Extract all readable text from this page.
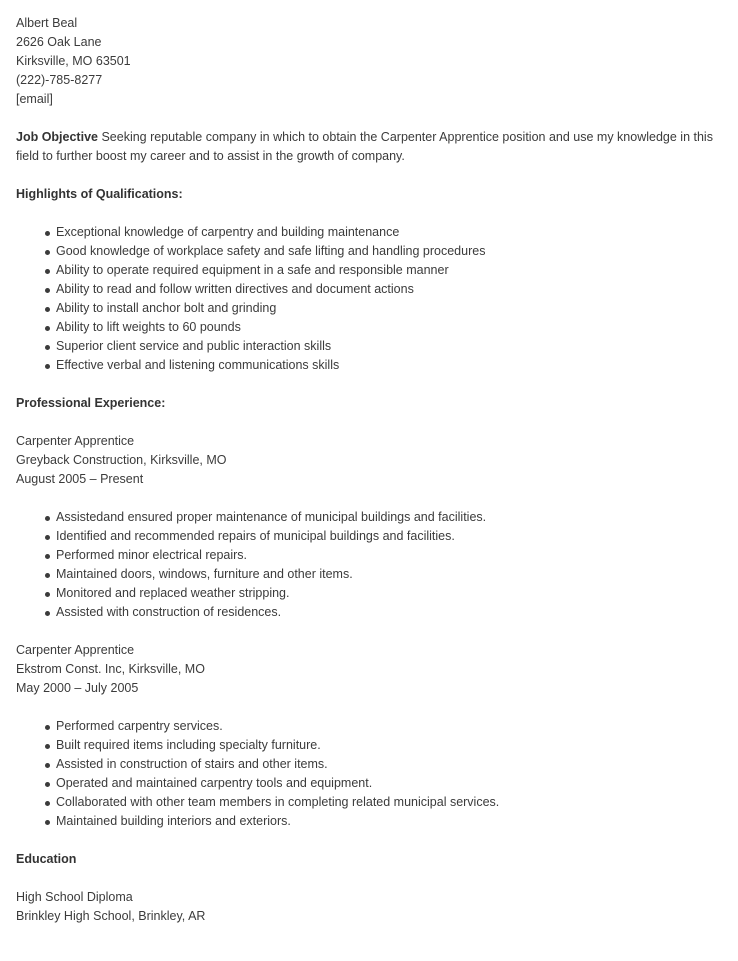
Albert Beal
2626 Oak Lane
Kirksville, MO 63501
(222)-785-8277
[email]
Job Objective Seeking reputable company in which to obtain the Carpenter Apprentice position and use my knowledge in this field to further boost my career and to assist in the growth of company.
Highlights of Qualifications:
Exceptional knowledge of carpentry and building maintenance
Good knowledge of workplace safety and safe lifting and handling procedures
Ability to operate required equipment in a safe and responsible manner
Ability to read and follow written directives and document actions
Ability to install anchor bolt and grinding
Ability to lift weights to 60 pounds
Superior client service and public interaction skills
Effective verbal and listening communications skills
Professional Experience:
Carpenter Apprentice
Greyback Construction, Kirksville, MO
August 2005 – Present
Assistedand ensured proper maintenance of municipal buildings and facilities.
Identified and recommended repairs of municipal buildings and facilities.
Performed minor electrical repairs.
Maintained doors, windows, furniture and other items.
Monitored and replaced weather stripping.
Assisted with construction of residences.
Carpenter Apprentice
Ekstrom Const. Inc, Kirksville, MO
May 2000 – July 2005
Performed carpentry services.
Built required items including specialty furniture.
Assisted in construction of stairs and other items.
Operated and maintained carpentry tools and equipment.
Collaborated with other team members in completing related municipal services.
Maintained building interiors and exteriors.
Education
High School Diploma
Brinkley High School, Brinkley, AR
